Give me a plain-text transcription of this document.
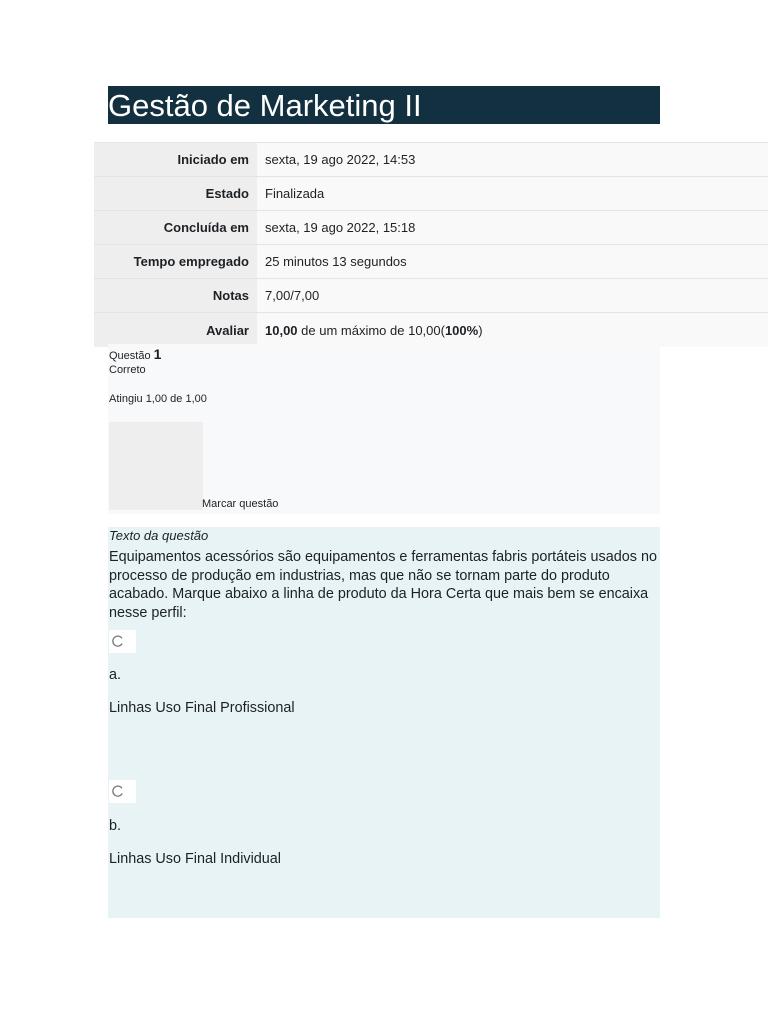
Gestão de Marketing II
Iniciado em	sexta, 19 ago 2022, 14:53
Estado	Finalizada
Concluída em	sexta, 19 ago 2022, 15:18
Tempo empregado	25 minutos 13 segundos
Notas	7,00/7,00
Avaliar	10,00 de um máximo de 10,00(100%)
Questão 1
Correto
Atingiu 1,00 de 1,00
Marcar questão
Texto da questão
Equipamentos acessórios são equipamentos e ferramentas fabris portáteis usados no processo de produção em industrias, mas que não se tornam parte do produto acabado. Marque abaixo a linha de produto da Hora Certa que mais bem se encaixa nesse perfil:
a.
Linhas Uso Final Profissional
b.
Linhas Uso Final Individual
